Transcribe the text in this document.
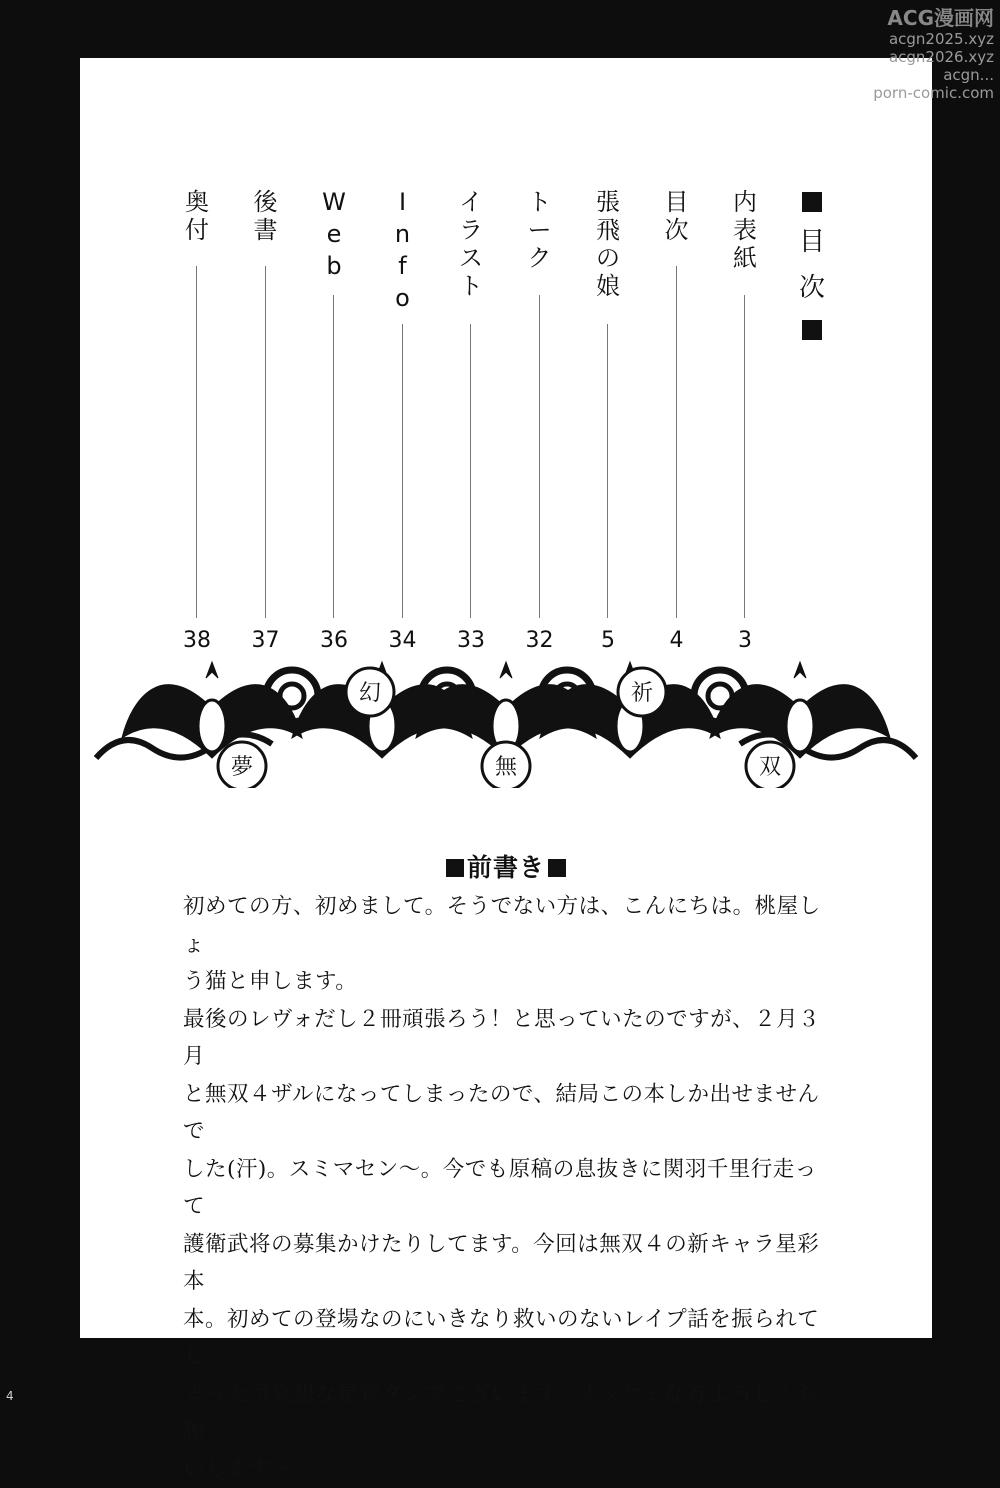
目
次
内
表
紙
3
目
次
4
張
飛
の
娘
5
ト
ー
ク
32
イ
ラ
ス
ト
33
I
n
f
o
34
W
e
b
36
後
書
37
奥
付
38
夢
幻
無
祈
双
前書き

初めての方、初めまして。そうでない方は、こんにちは。桃屋しょ

う猫と申します。

最後のレヴォだし２冊頑張ろう！と思っていたのですが、２月３月

と無双４ザルになってしまったので、結局この本しか出せませんで

した(汗)。スミマセン〜。今でも原稿の息抜きに関羽千里行走って

護衛武将の募集かけたりしてます。今回は無双４の新キャラ星彩本

本。初めての登場なのにいきなり救いのないレイプ話を振られてし

まった可哀想な星彩タンでございます。オッケェな方よろしくお願

いします〜。

ACG漫画网
acgn2025.xyz
acgn2026.xyz
acgn...
porn-comic.com
4
